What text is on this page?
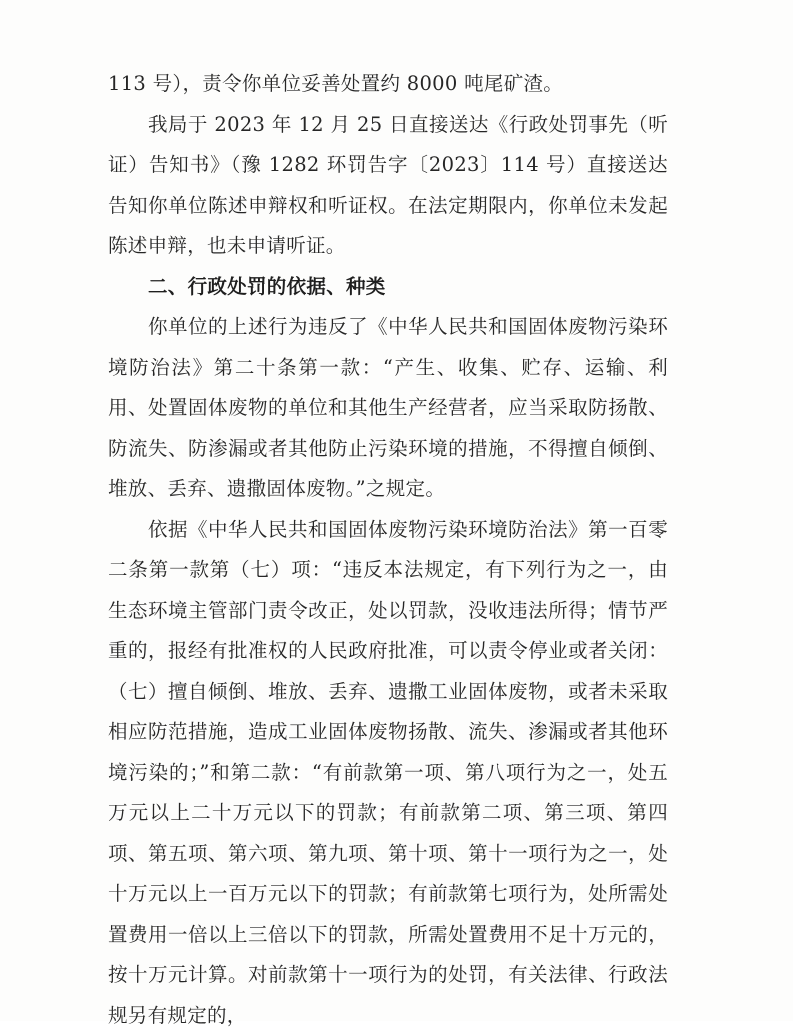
113 号），责令你单位妥善处置约 8000 吨尾矿渣。

我局于 2023 年 12 月 25 日直接送达《行政处罚事先（听证）告知书》（豫 1282 环罚告字〔2023〕114 号）直接送达告知你单位陈述申辩权和听证权。在法定期限内，你单位未发起陈述申辩，也未申请听证。

二、行政处罚的依据、种类

你单位的上述行为违反了《中华人民共和国固体废物污染环境防治法》第二十条第一款：“产生、收集、贮存、运输、利用、处置固体废物的单位和其他生产经营者，应当采取防扬散、防流失、防渗漏或者其他防止污染环境的措施，不得擅自倾倒、堆放、丢弃、遗撒固体废物。”之规定。

依据《中华人民共和国固体废物污染环境防治法》第一百零二条第一款第（七）项：“违反本法规定，有下列行为之一，由生态环境主管部门责令改正，处以罚款，没收违法所得；情节严重的，报经有批准权的人民政府批准，可以责令停业或者关闭：（七）擅自倾倒、堆放、丢弃、遗撒工业固体废物，或者未采取相应防范措施，造成工业固体废物扬散、流失、渗漏或者其他环境污染的；”和第二款：“有前款第一项、第八项行为之一，处五万元以上二十万元以下的罚款；有前款第二项、第三项、第四项、第五项、第六项、第九项、第十项、第十一项行为之一，处十万元以上一百万元以下的罚款；有前款第七项行为，处所需处置费用一倍以上三倍以下的罚款，所需处置费用不足十万元的，按十万元计算。对前款第十一项行为的处罚，有关法律、行政法规另有规定的，
